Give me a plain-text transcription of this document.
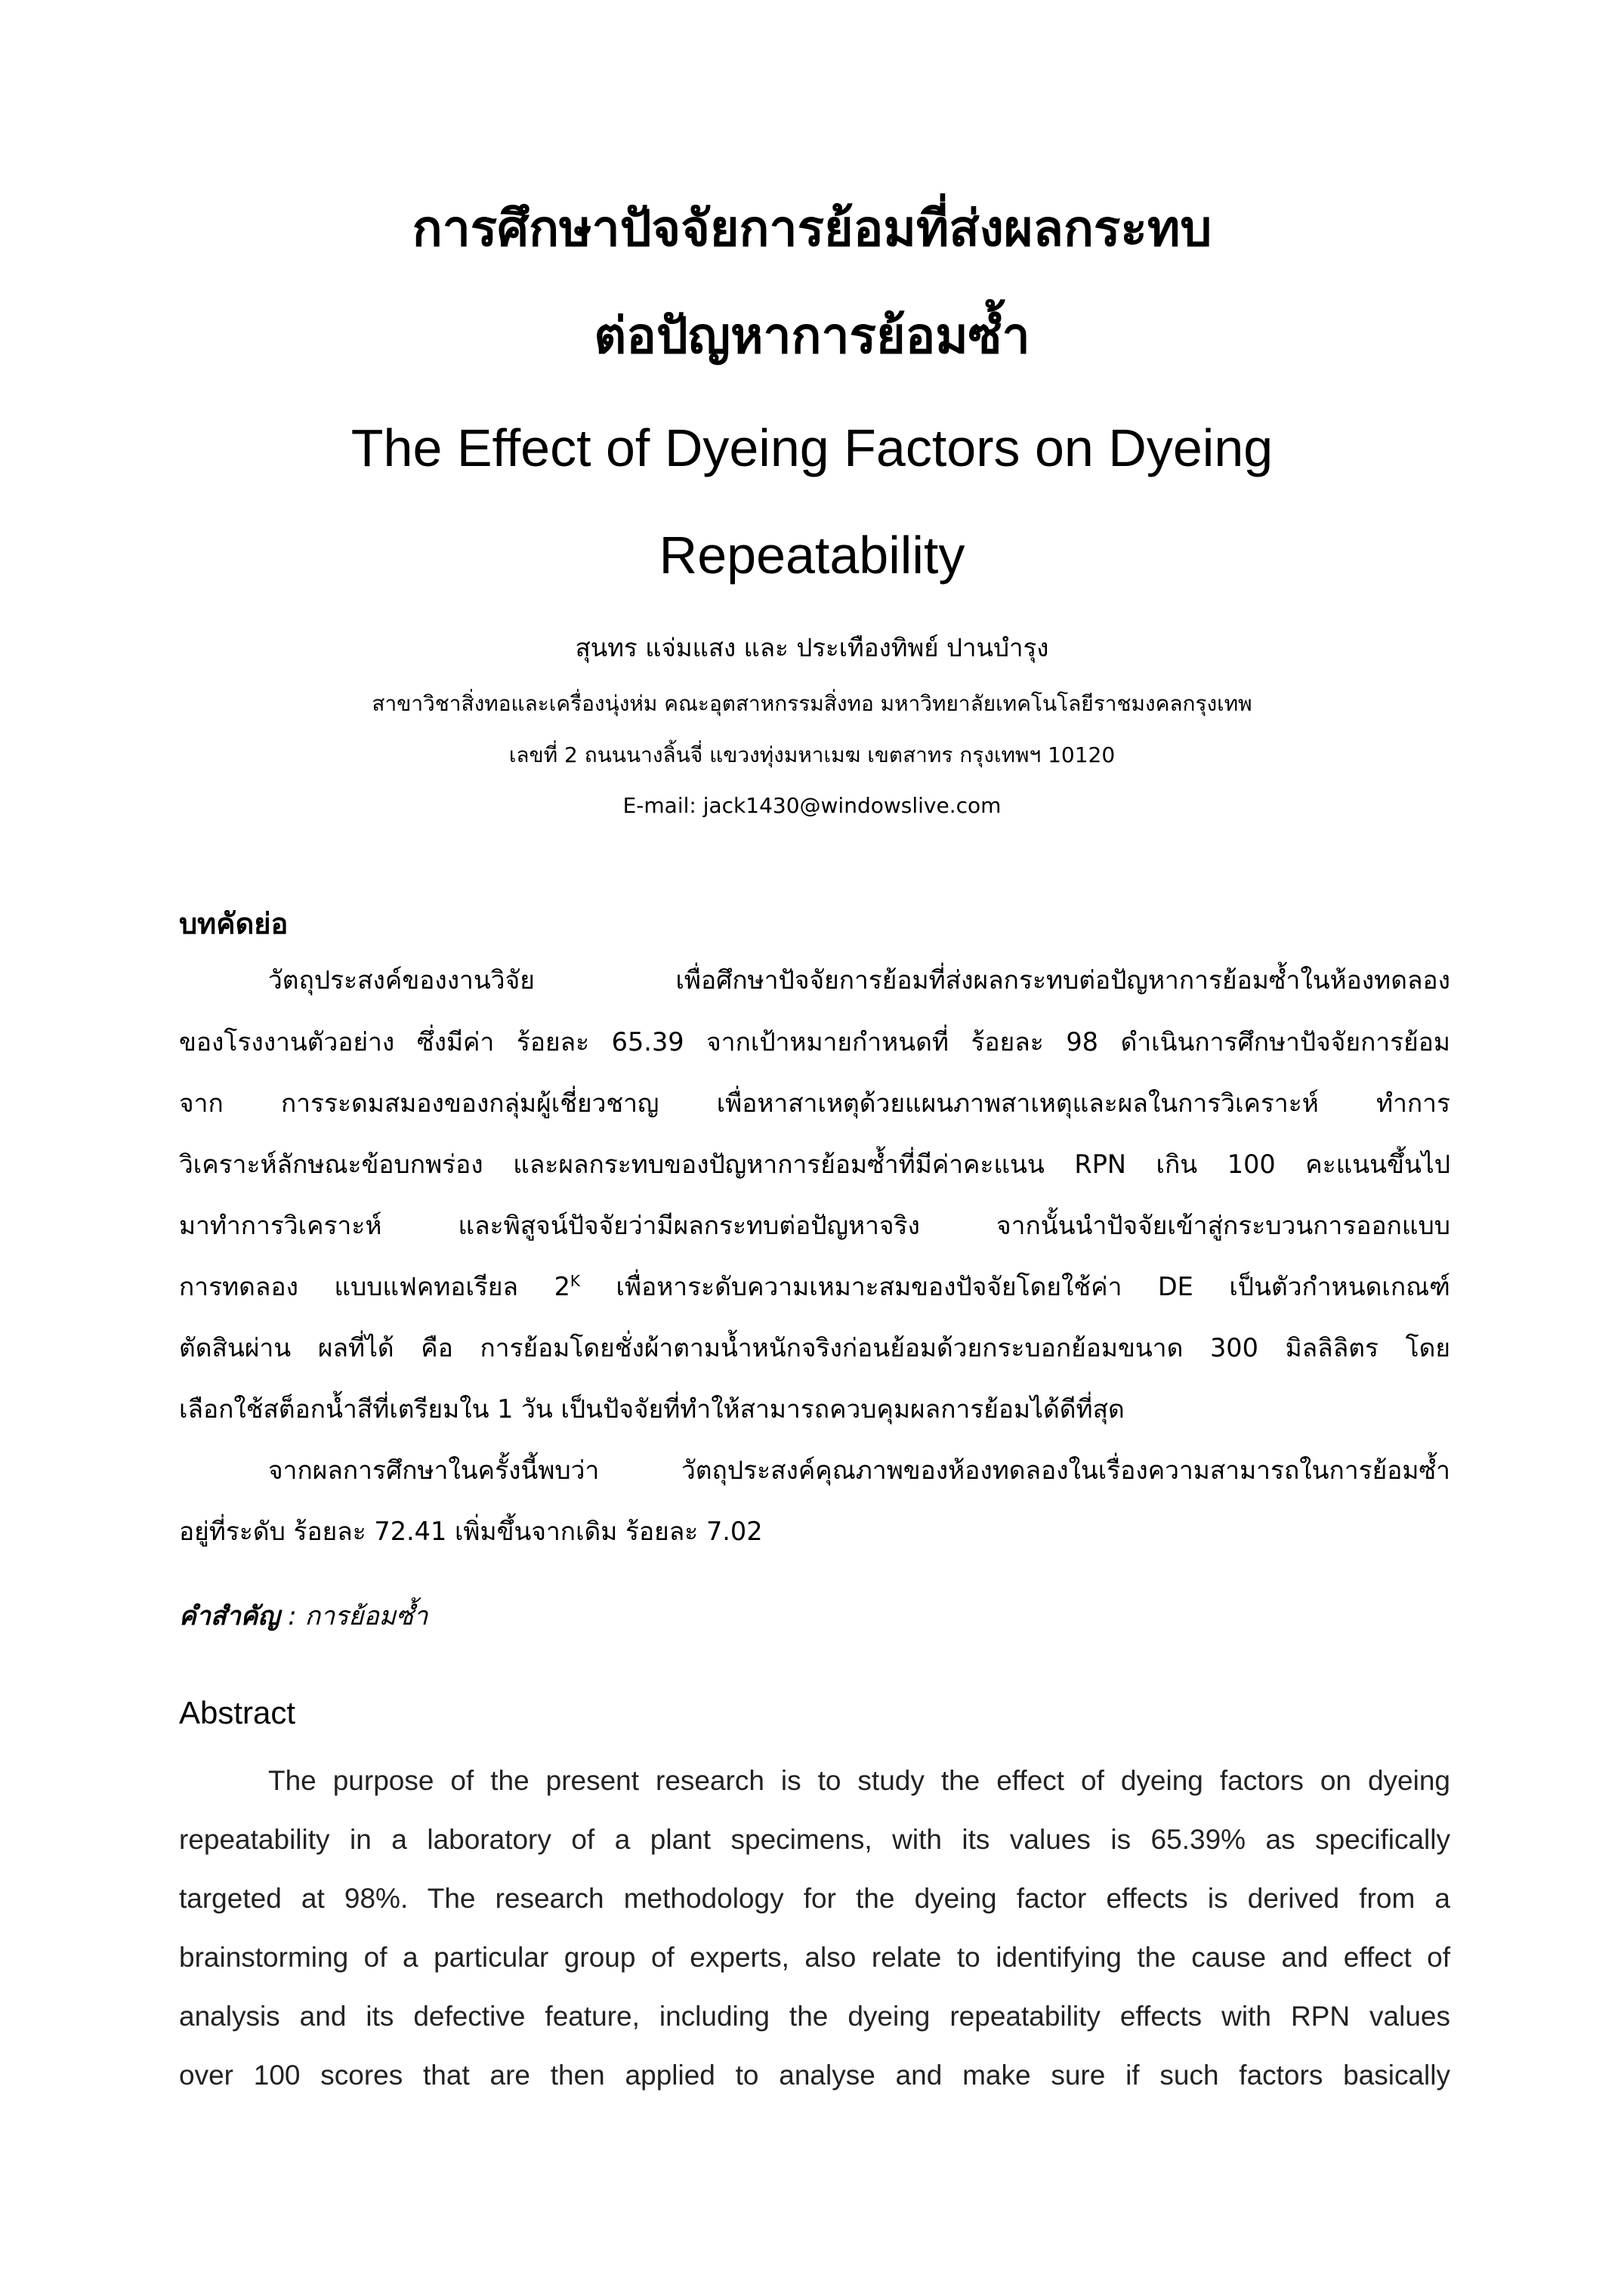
การศึกษาปัจจัยการย้อมที่ส่งผลกระทบ
ต่อปัญหาการย้อมซ้ำ
The Effect of Dyeing Factors on Dyeing
Repeatability
สุนทร แจ่มแสง และ ประเทืองทิพย์ ปานบำรุง
สาขาวิชาสิ่งทอและเครื่องนุ่งห่ม คณะอุตสาหกรรมสิ่งทอ มหาวิทยาลัยเทคโนโลยีราชมงคลกรุงเทพ
เลขที่ 2 ถนนนางลิ้นจี่ แขวงทุ่งมหาเมฆ เขตสาทร กรุงเทพฯ 10120
E-mail: jack1430@windowslive.com
บทคัดย่อ
วัตถุประสงค์ของงานวิจัย เพื่อศึกษาปัจจัยการย้อมที่ส่งผลกระทบต่อปัญหาการย้อมซ้ำในห้องทดลอง
ของโรงงานตัวอย่าง ซึ่งมีค่า ร้อยละ 65.39 จากเป้าหมายกำหนดที่ ร้อยละ 98 ดำเนินการศึกษาปัจจัยการย้อม
จาก การระดมสมองของกลุ่มผู้เชี่ยวชาญ เพื่อหาสาเหตุด้วยแผนภาพสาเหตุและผลในการวิเคราะห์ ทำการ
วิเคราะห์ลักษณะข้อบกพร่อง และผลกระทบของปัญหาการย้อมซ้ำที่มีค่าคะแนน RPN เกิน 100 คะแนนขึ้นไป
มาทำการวิเคราะห์ และพิสูจน์ปัจจัยว่ามีผลกระทบต่อปัญหาจริง จากนั้นนำปัจจัยเข้าสู่กระบวนการออกแบบ
การทดลอง แบบแฟคทอเรียล $2^K$ เพื่อหาระดับความเหมาะสมของปัจจัยโดยใช้ค่า DE เป็นตัวกำหนดเกณฑ์
ตัดสินผ่าน ผลที่ได้ คือ การย้อมโดยชั่งผ้าตามน้ำหนักจริงก่อนย้อมด้วยกระบอกย้อมขนาด 300 มิลลิลิตร โดย
เลือกใช้สต็อกน้ำสีที่เตรียมใน 1 วัน เป็นปัจจัยที่ทำให้สามารถควบคุมผลการย้อมได้ดีที่สุด
จากผลการศึกษาในครั้งนี้พบว่า วัตถุประสงค์คุณภาพของห้องทดลองในเรื่องความสามารถในการย้อมซ้ำ
อยู่ที่ระดับ ร้อยละ 72.41 เพิ่มขึ้นจากเดิม ร้อยละ 7.02
คำสำคัญ : การย้อมซ้ำ
Abstract
The purpose of the present research is to study the effect of dyeing factors on dyeing
repeatability in a laboratory of a plant specimens, with its values is 65.39% as specifically
targeted at 98%. The research methodology for the dyeing factor effects is derived from a
brainstorming of a particular group of experts, also relate to identifying the cause and effect of
analysis and its defective feature, including the dyeing repeatability effects with RPN values
over 100 scores that are then applied to analyse and make sure if such factors basically
